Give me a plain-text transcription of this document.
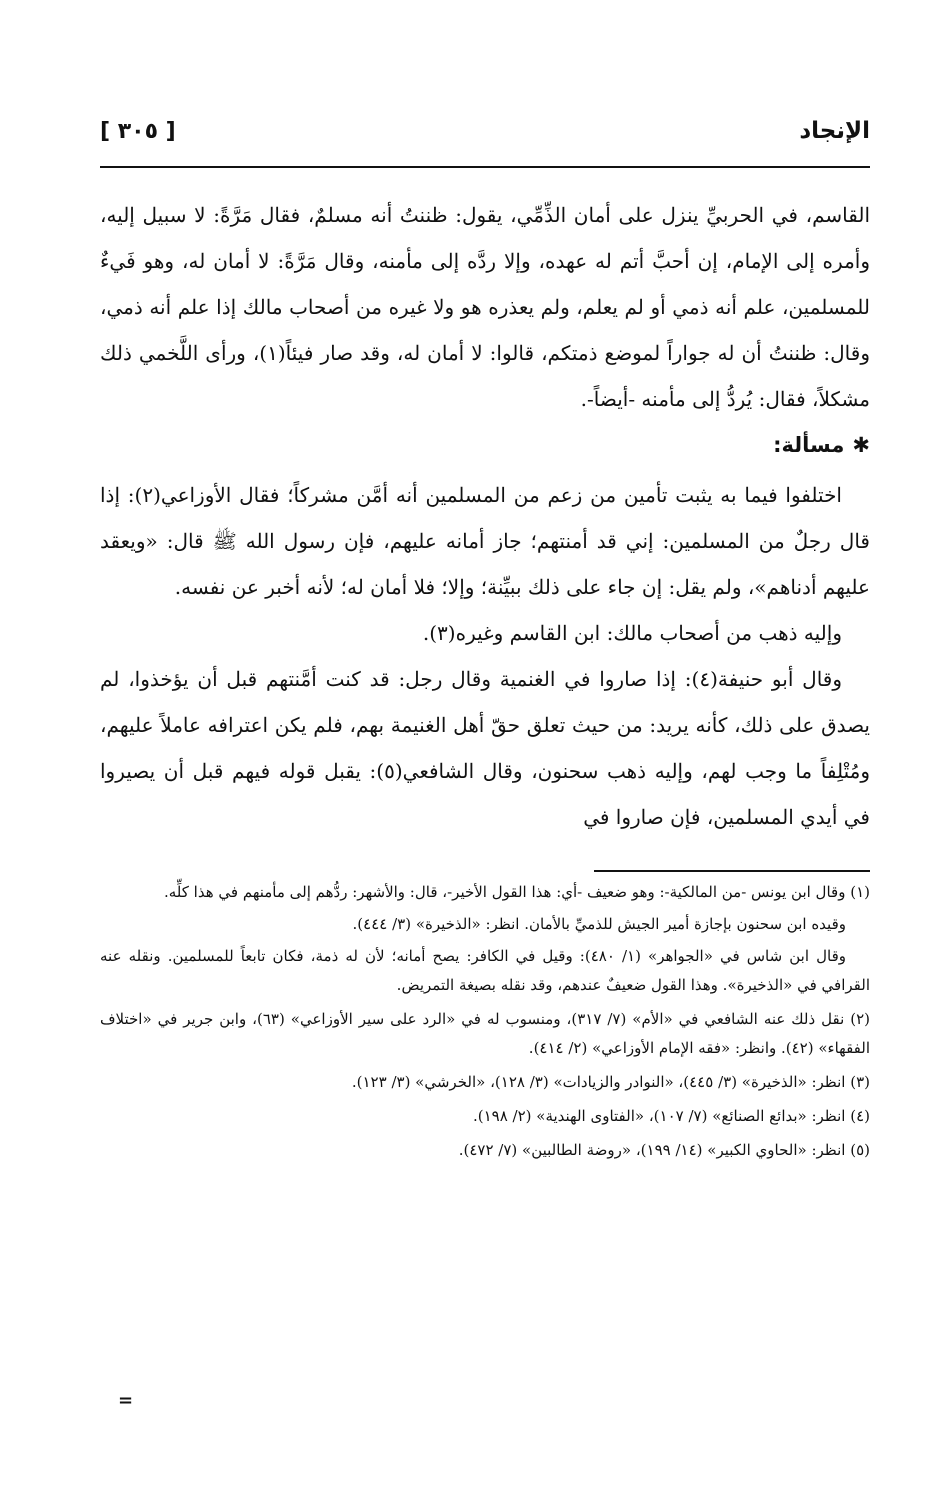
الإنجاد
[ ٣٠٥ ]

القاسم، في الحربيِّ ينزل على أمان الذِّمِّي، يقول: ظننتُ أنه مسلمٌ، فقال مَرَّةً: لا سبيل إليه، وأمره إلى الإمام، إن أحبَّ أتم له عهده، وإلا ردَّه إلى مأمنه، وقال مَرَّةً: لا أمان له، وهو فَيءٌ للمسلمين، علم أنه ذمي أو لم يعلم، ولم يعذره هو ولا غيره من أصحاب مالك إذا علم أنه ذمي، وقال: ظننتُ أن له جواراً لموضع ذمتكم، قالوا: لا أمان له، وقد صار فيئاً(١)، ورأى اللَّخمي ذلك مشكلاً، فقال: يُردُّ إلى مأمنه -أيضاً-.

✱مسألة:

اختلفوا فيما به يثبت تأمين من زعم من المسلمين أنه أمَّن مشركاً؛ فقال الأوزاعي(٢): إذا قال رجلٌ من المسلمين: إني قد أمنتهم؛ جاز أمانه عليهم، فإن رسول الله ﷺ قال: «ويعقد عليهم أدناهم»، ولم يقل: إن جاء على ذلك ببيِّنة؛ وإلا؛ فلا أمان له؛ لأنه أخبر عن نفسه.

وإليه ذهب من أصحاب مالك: ابن القاسم وغيره(٣).

وقال أبو حنيفة(٤): إذا صاروا في الغنمية وقال رجل: قد كنت أمَّنتهم قبل أن يؤخذوا، لم يصدق على ذلك، كأنه يريد: من حيث تعلق حقّ أهل الغنيمة بهم، فلم يكن اعترافه عاملاً عليهم، ومُتْلِفاً ما وجب لهم، وإليه ذهب سحنون، وقال الشافعي(٥): يقبل قوله فيهم قبل أن يصيروا في أيدي المسلمين، فإن صاروا في

(١) وقال ابن يونس -من المالكية-: وهو ضعيف -أي: هذا القول الأخير-، قال: والأشهر: ردُّهم إلى مأمنهم في هذا كلِّه.

وقيده ابن سحنون بإجازة أمير الجيش للذميِّ بالأمان. انظر: «الذخيرة» (٣/ ٤٤٤).

وقال ابن شاس في «الجواهر» (١/ ٤٨٠): وقيل في الكافر: يصح أمانه؛ لأن له ذمة، فكان تابعاً للمسلمين. ونقله عنه القرافي في «الذخيرة». وهذا القول ضعيفٌ عندهم، وقد نقله بصيغة التمريض.

(٢) نقل ذلك عنه الشافعي في «الأم» (٧/ ٣١٧)، ومنسوب له في «الرد على سير الأوزاعي» (٦٣)، وابن جرير في «اختلاف الفقهاء» (٤٢). وانظر: «فقه الإمام الأوزاعي» (٢/ ٤١٤).

(٣) انظر: «الذخيرة» (٣/ ٤٤٥)، «النوادر والزيادات» (٣/ ١٢٨)، «الخرشي» (٣/ ١٢٣).

(٤) انظر: «بدائع الصنائع» (٧/ ١٠٧)، «الفتاوى الهندية» (٢/ ١٩٨).

(٥) انظر: «الحاوي الكبير» (١٤/ ١٩٩)، «روضة الطالبين» (٧/ ٤٧٢).

=
